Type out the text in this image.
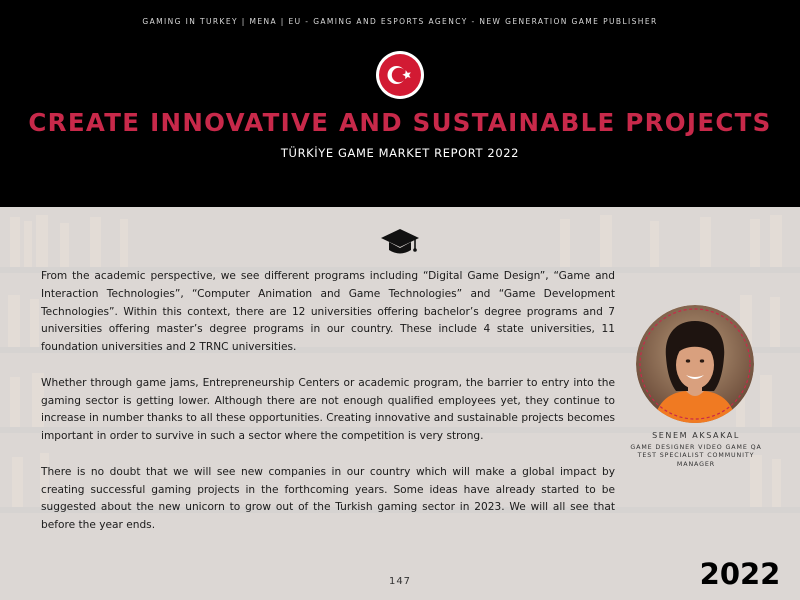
GAMING IN TURKEY | MENA | EU - GAMING AND ESPORTS AGENCY - NEW GENERATION GAME PUBLISHER
CREATE INNOVATIVE AND SUSTAINABLE PROJECTS
TÜRKİYE GAME MARKET REPORT 2022

From the academic perspective, we see different programs including “Digital Game Design”, “Game and Interaction Technologies”, “Computer Animation and Game Technologies” and “Game Development Technologies”. Within this context, there are 12 universities offering bachelor’s degree programs and 7 universities offering master’s degree programs in our country. These include 4 state universities, 11 foundation universities and 2 TRNC universities.

Whether through game jams, Entrepreneurship Centers or academic program, the barrier to entry into the gaming sector is getting lower. Although there are not enough qualified employees yet, they continue to increase in number thanks to all these opportunities. Creating innovative and sustainable projects becomes important in order to survive in such a sector where the competition is very strong.

There is no doubt that we will see new companies in our country which will make a global impact by creating successful gaming projects in the forthcoming years. Some ideas have already started to be suggested about the new unicorn to grow out of the Turkish gaming sector in 2023. We will all see that before the year ends.

SENEM AKSAKAL
GAME DESIGNER VIDEO GAME QA TEST SPECIALIST COMMUNITY MANAGER
147	2022
